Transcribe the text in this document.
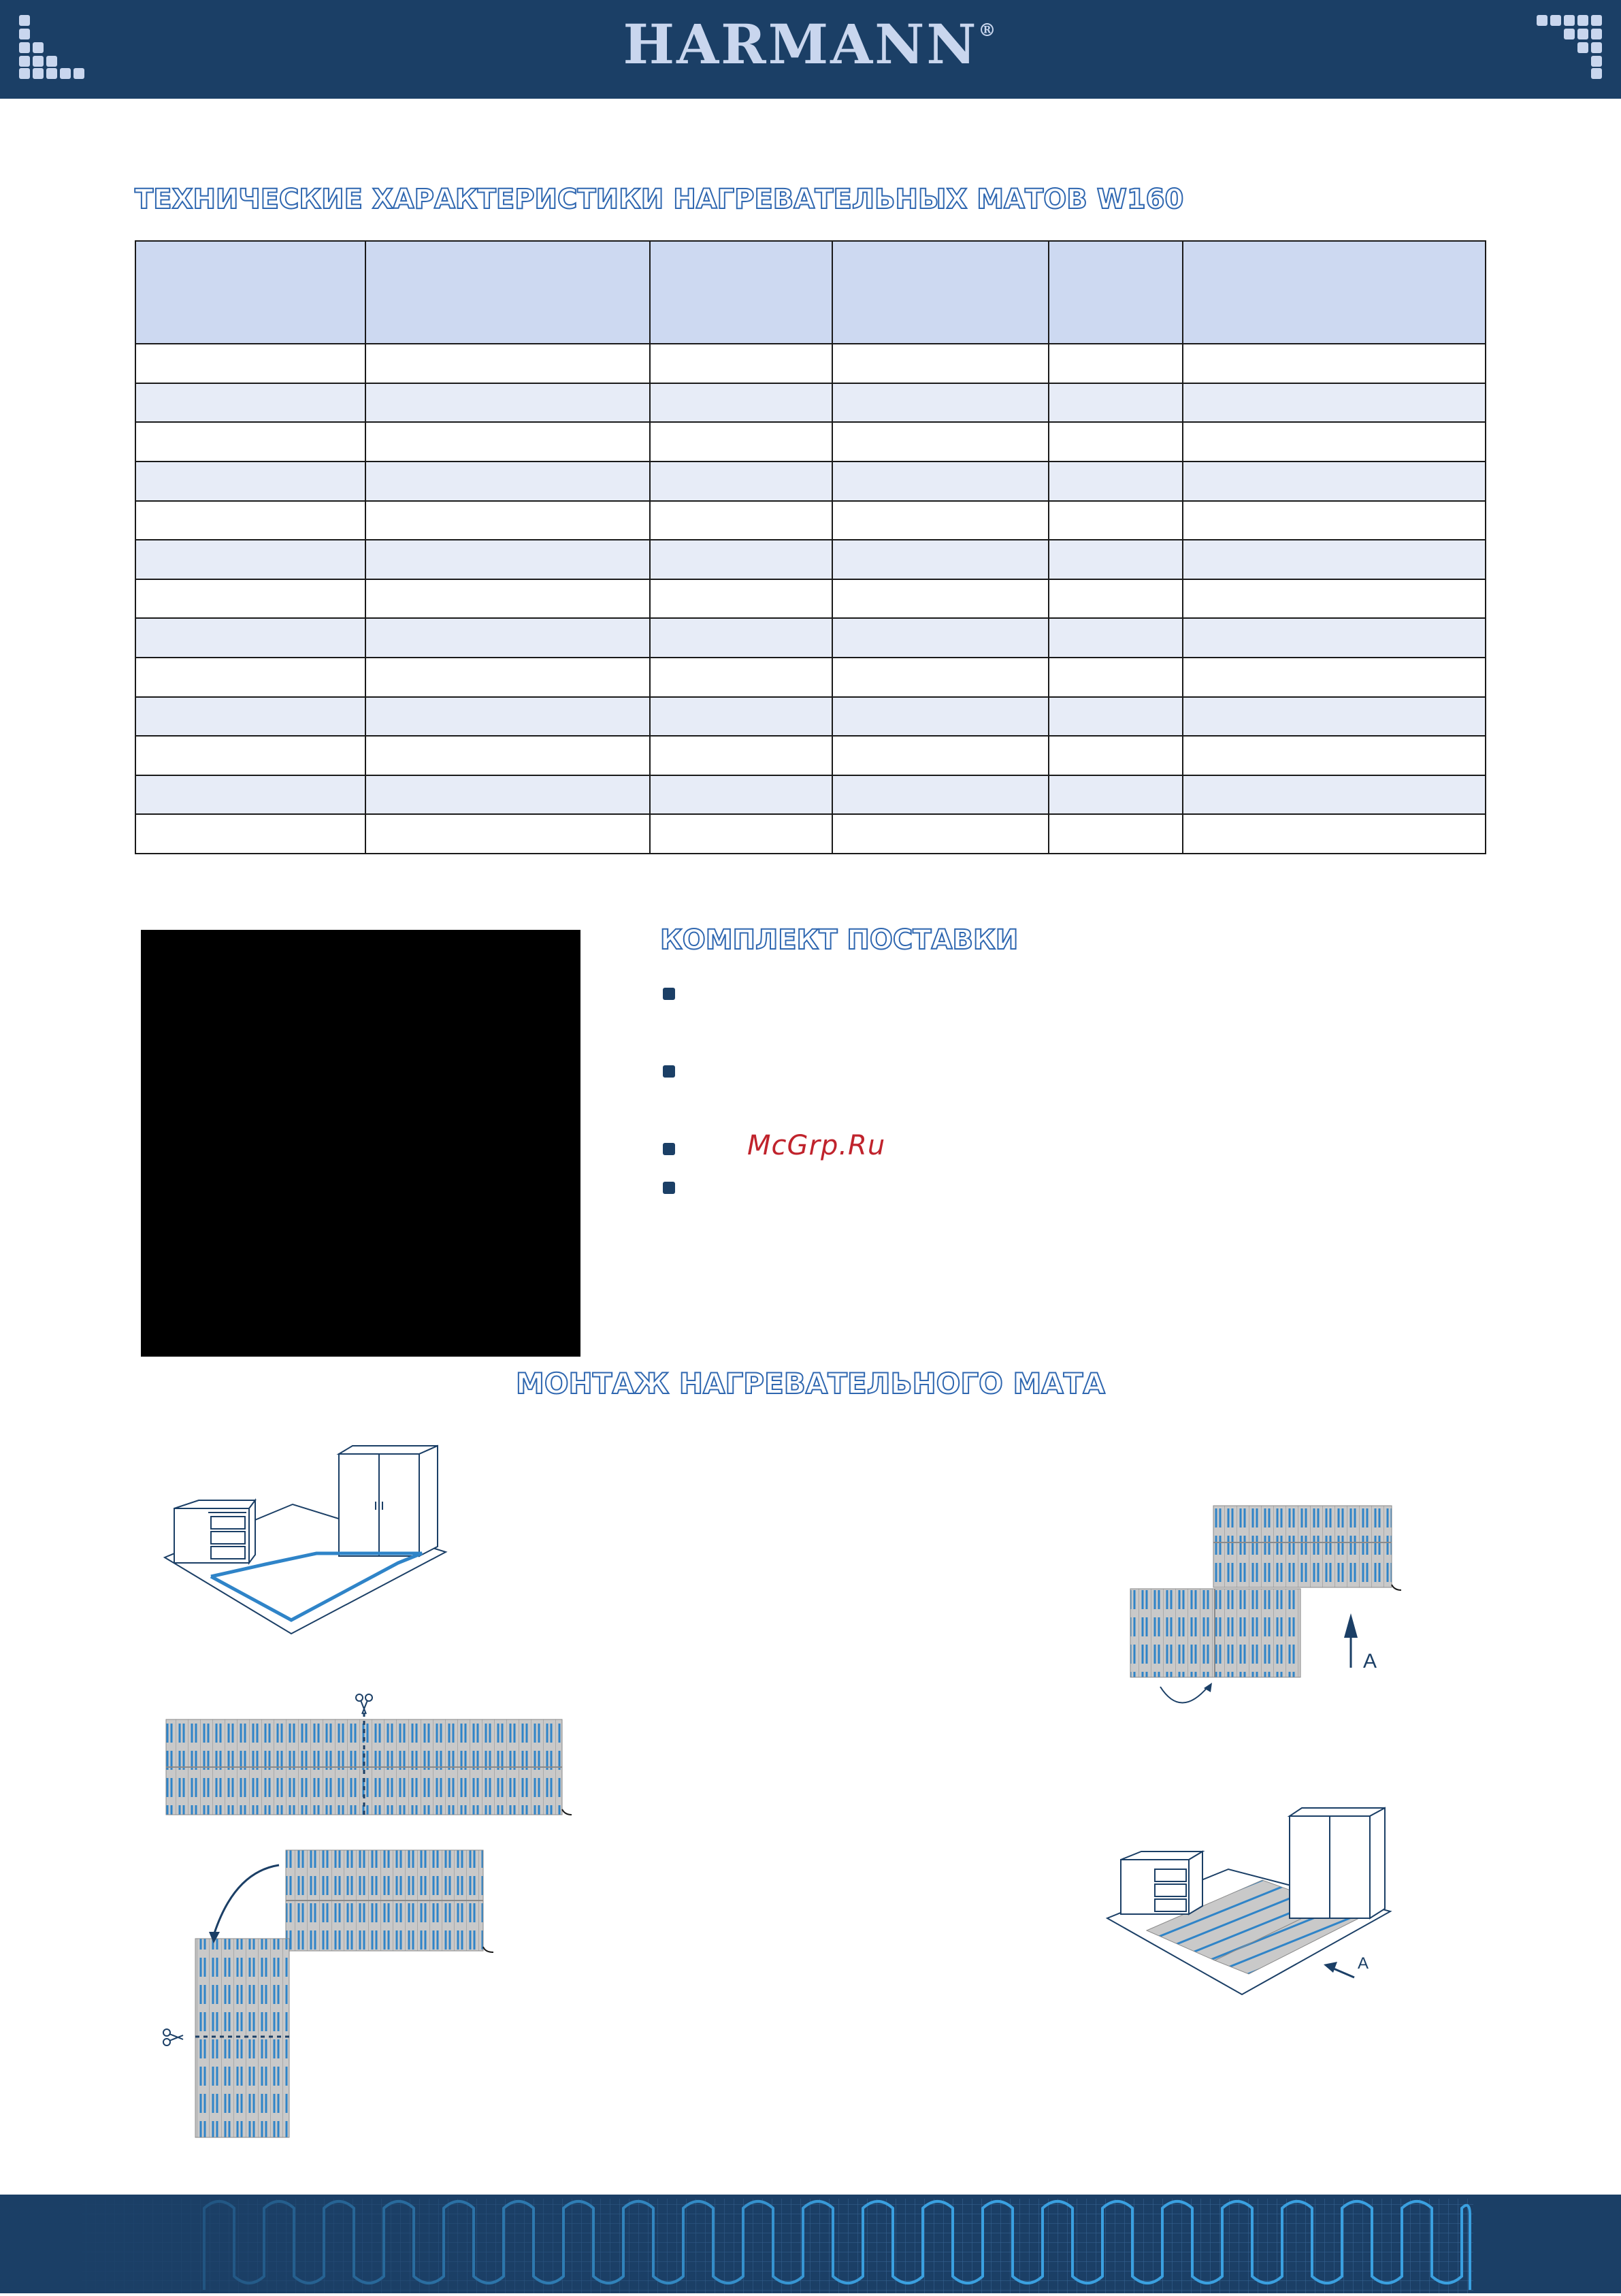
HARMANN®
ТЕХНИЧЕСКИЕ ХАРАКТЕРИСТИКИ НАГРЕВАТЕЛЬНЫХ МАТОВ W160

КОМПЛЕКТ ПОСТАВКИ
McGrp.Ru
МОНТАЖ НАГРЕВАТЕЛЬНОГО МАТА
A
A
